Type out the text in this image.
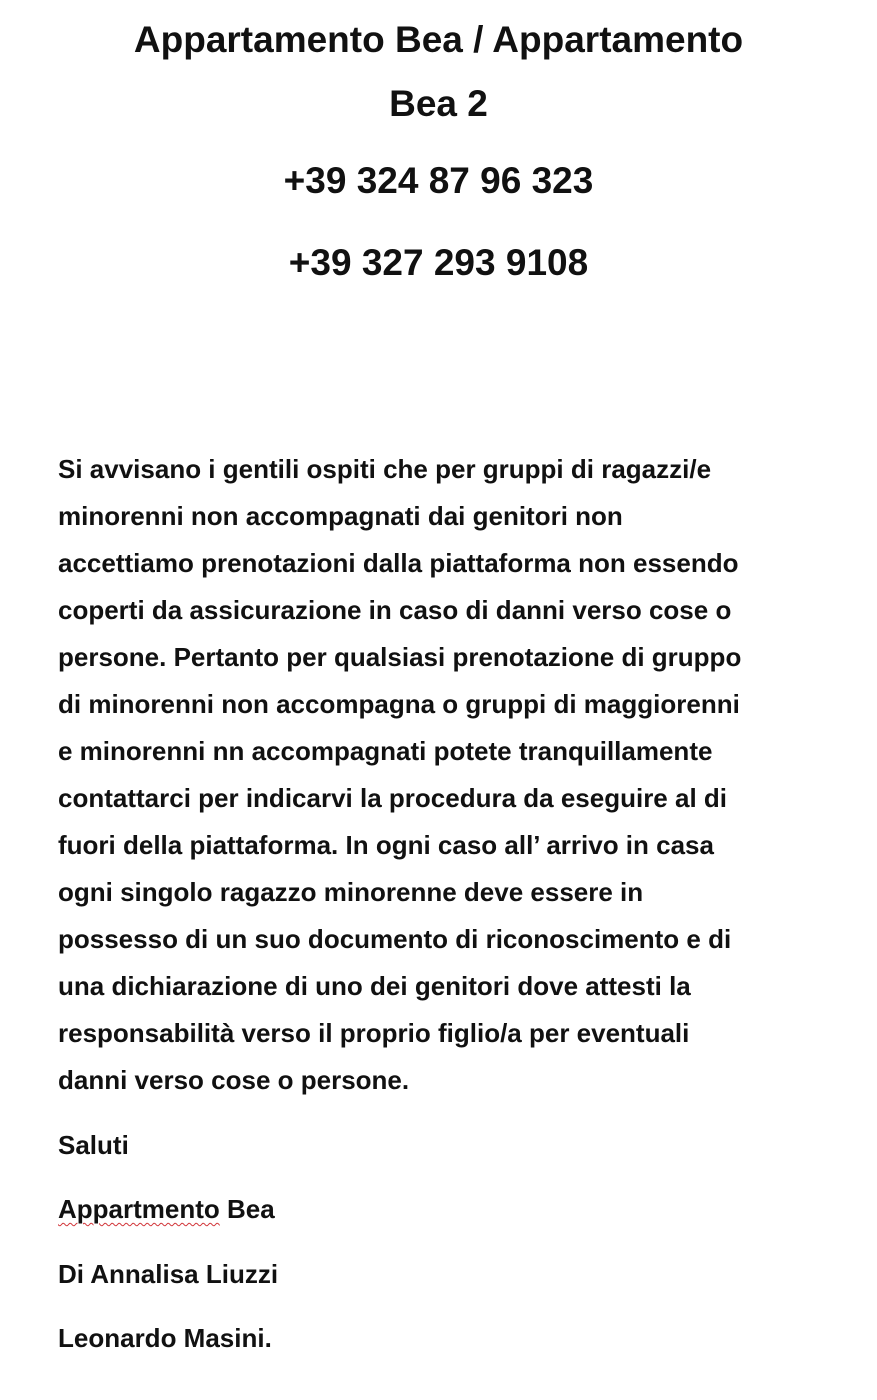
Appartamento Bea / Appartamento
Bea 2
+39 324 87 96 323
+39 327 293 9108
Si avvisano i gentili ospiti che per gruppi di ragazzi/e
minorenni non accompagnati dai genitori non
accettiamo prenotazioni dalla piattaforma non essendo
coperti da assicurazione in caso di danni verso cose o
persone. Pertanto per qualsiasi prenotazione di gruppo
di minorenni non accompagna o gruppi di maggiorenni
e minorenni nn accompagnati potete tranquillamente
contattarci per indicarvi la procedura da eseguire al di
fuori della piattaforma. In ogni caso all’ arrivo in casa
ogni singolo ragazzo minorenne deve essere in
possesso di un suo documento di riconoscimento e di
una dichiarazione di uno dei genitori dove attesti la
responsabilità verso il proprio figlio/a per eventuali
danni verso cose o persone.
Saluti
Appartmento Bea
Di Annalisa Liuzzi
Leonardo Masini.
